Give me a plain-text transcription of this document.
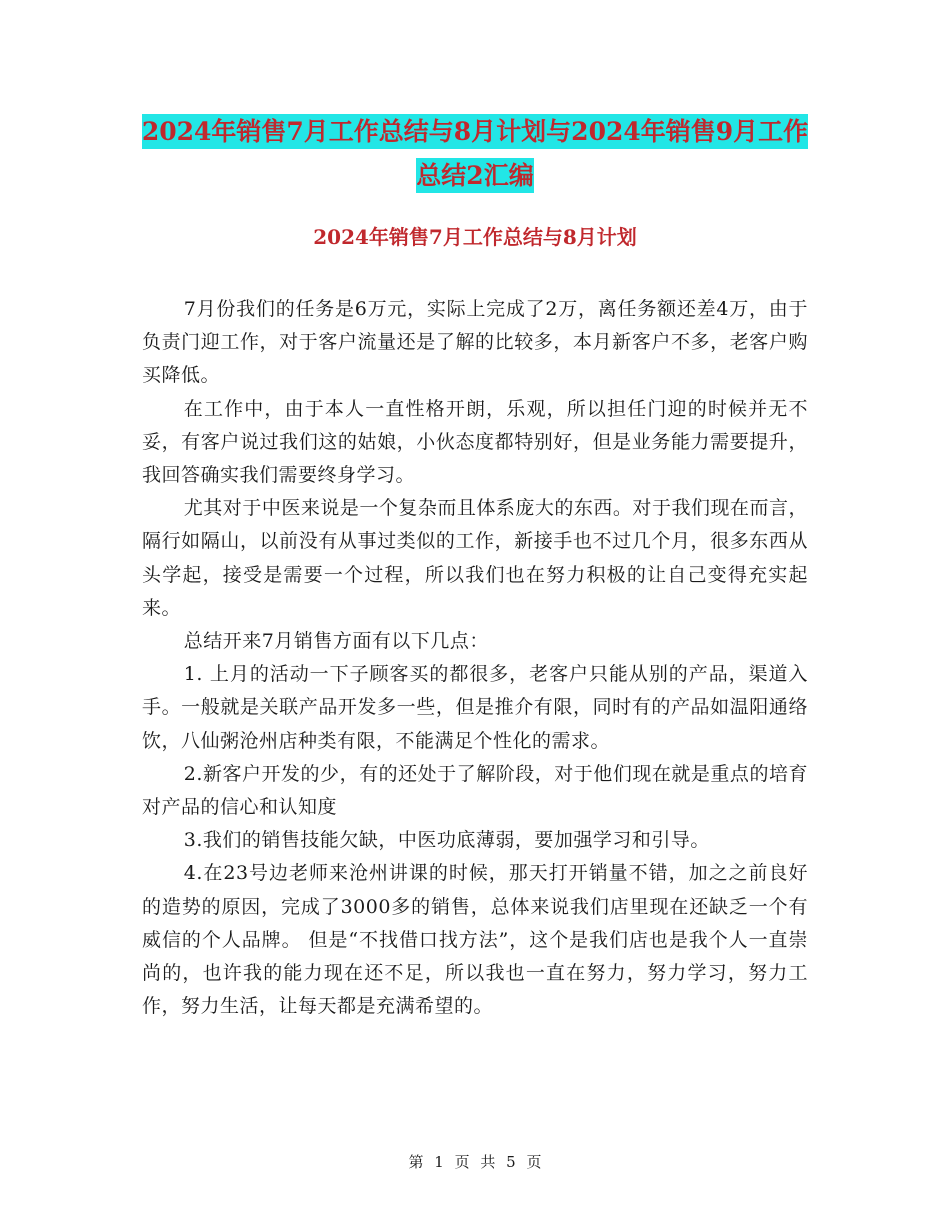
2024年销售7月工作总结与8月计划与2024年销售9月工作总结2汇编
2024年销售7月工作总结与8月计划

7月份我们的任务是6万元，实际上完成了2万，离任务额还差4万，由于负责门迎工作，对于客户流量还是了解的比较多，本月新客户不多，老客户购买降低。

在工作中，由于本人一直性格开朗，乐观，所以担任门迎的时候并无不妥，有客户说过我们这的姑娘，小伙态度都特别好，但是业务能力需要提升，我回答确实我们需要终身学习。

尤其对于中医来说是一个复杂而且体系庞大的东西。对于我们现在而言，隔行如隔山，以前没有从事过类似的工作，新接手也不过几个月，很多东西从头学起，接受是需要一个过程，所以我们也在努力积极的让自己变得充实起来。

总结开来7月销售方面有以下几点：

1. 上月的活动一下子顾客买的都很多，老客户只能从别的产品，渠道入手。一般就是关联产品开发多一些，但是推介有限，同时有的产品如温阳通络饮，八仙粥沧州店种类有限，不能满足个性化的需求。

2.新客户开发的少，有的还处于了解阶段，对于他们现在就是重点的培育对产品的信心和认知度

3.我们的销售技能欠缺，中医功底薄弱，要加强学习和引导。

4.在23号边老师来沧州讲课的时候，那天打开销量不错，加之之前良好的造势的原因，完成了3000多的销售，总体来说我们店里现在还缺乏一个有威信的个人品牌。 但是“不找借口找方法”，这个是我们店也是我个人一直崇尚的，也许我的能力现在还不足，所以我也一直在努力，努力学习，努力工作，努力生活，让每天都是充满希望的。

第 1 页 共 5 页
